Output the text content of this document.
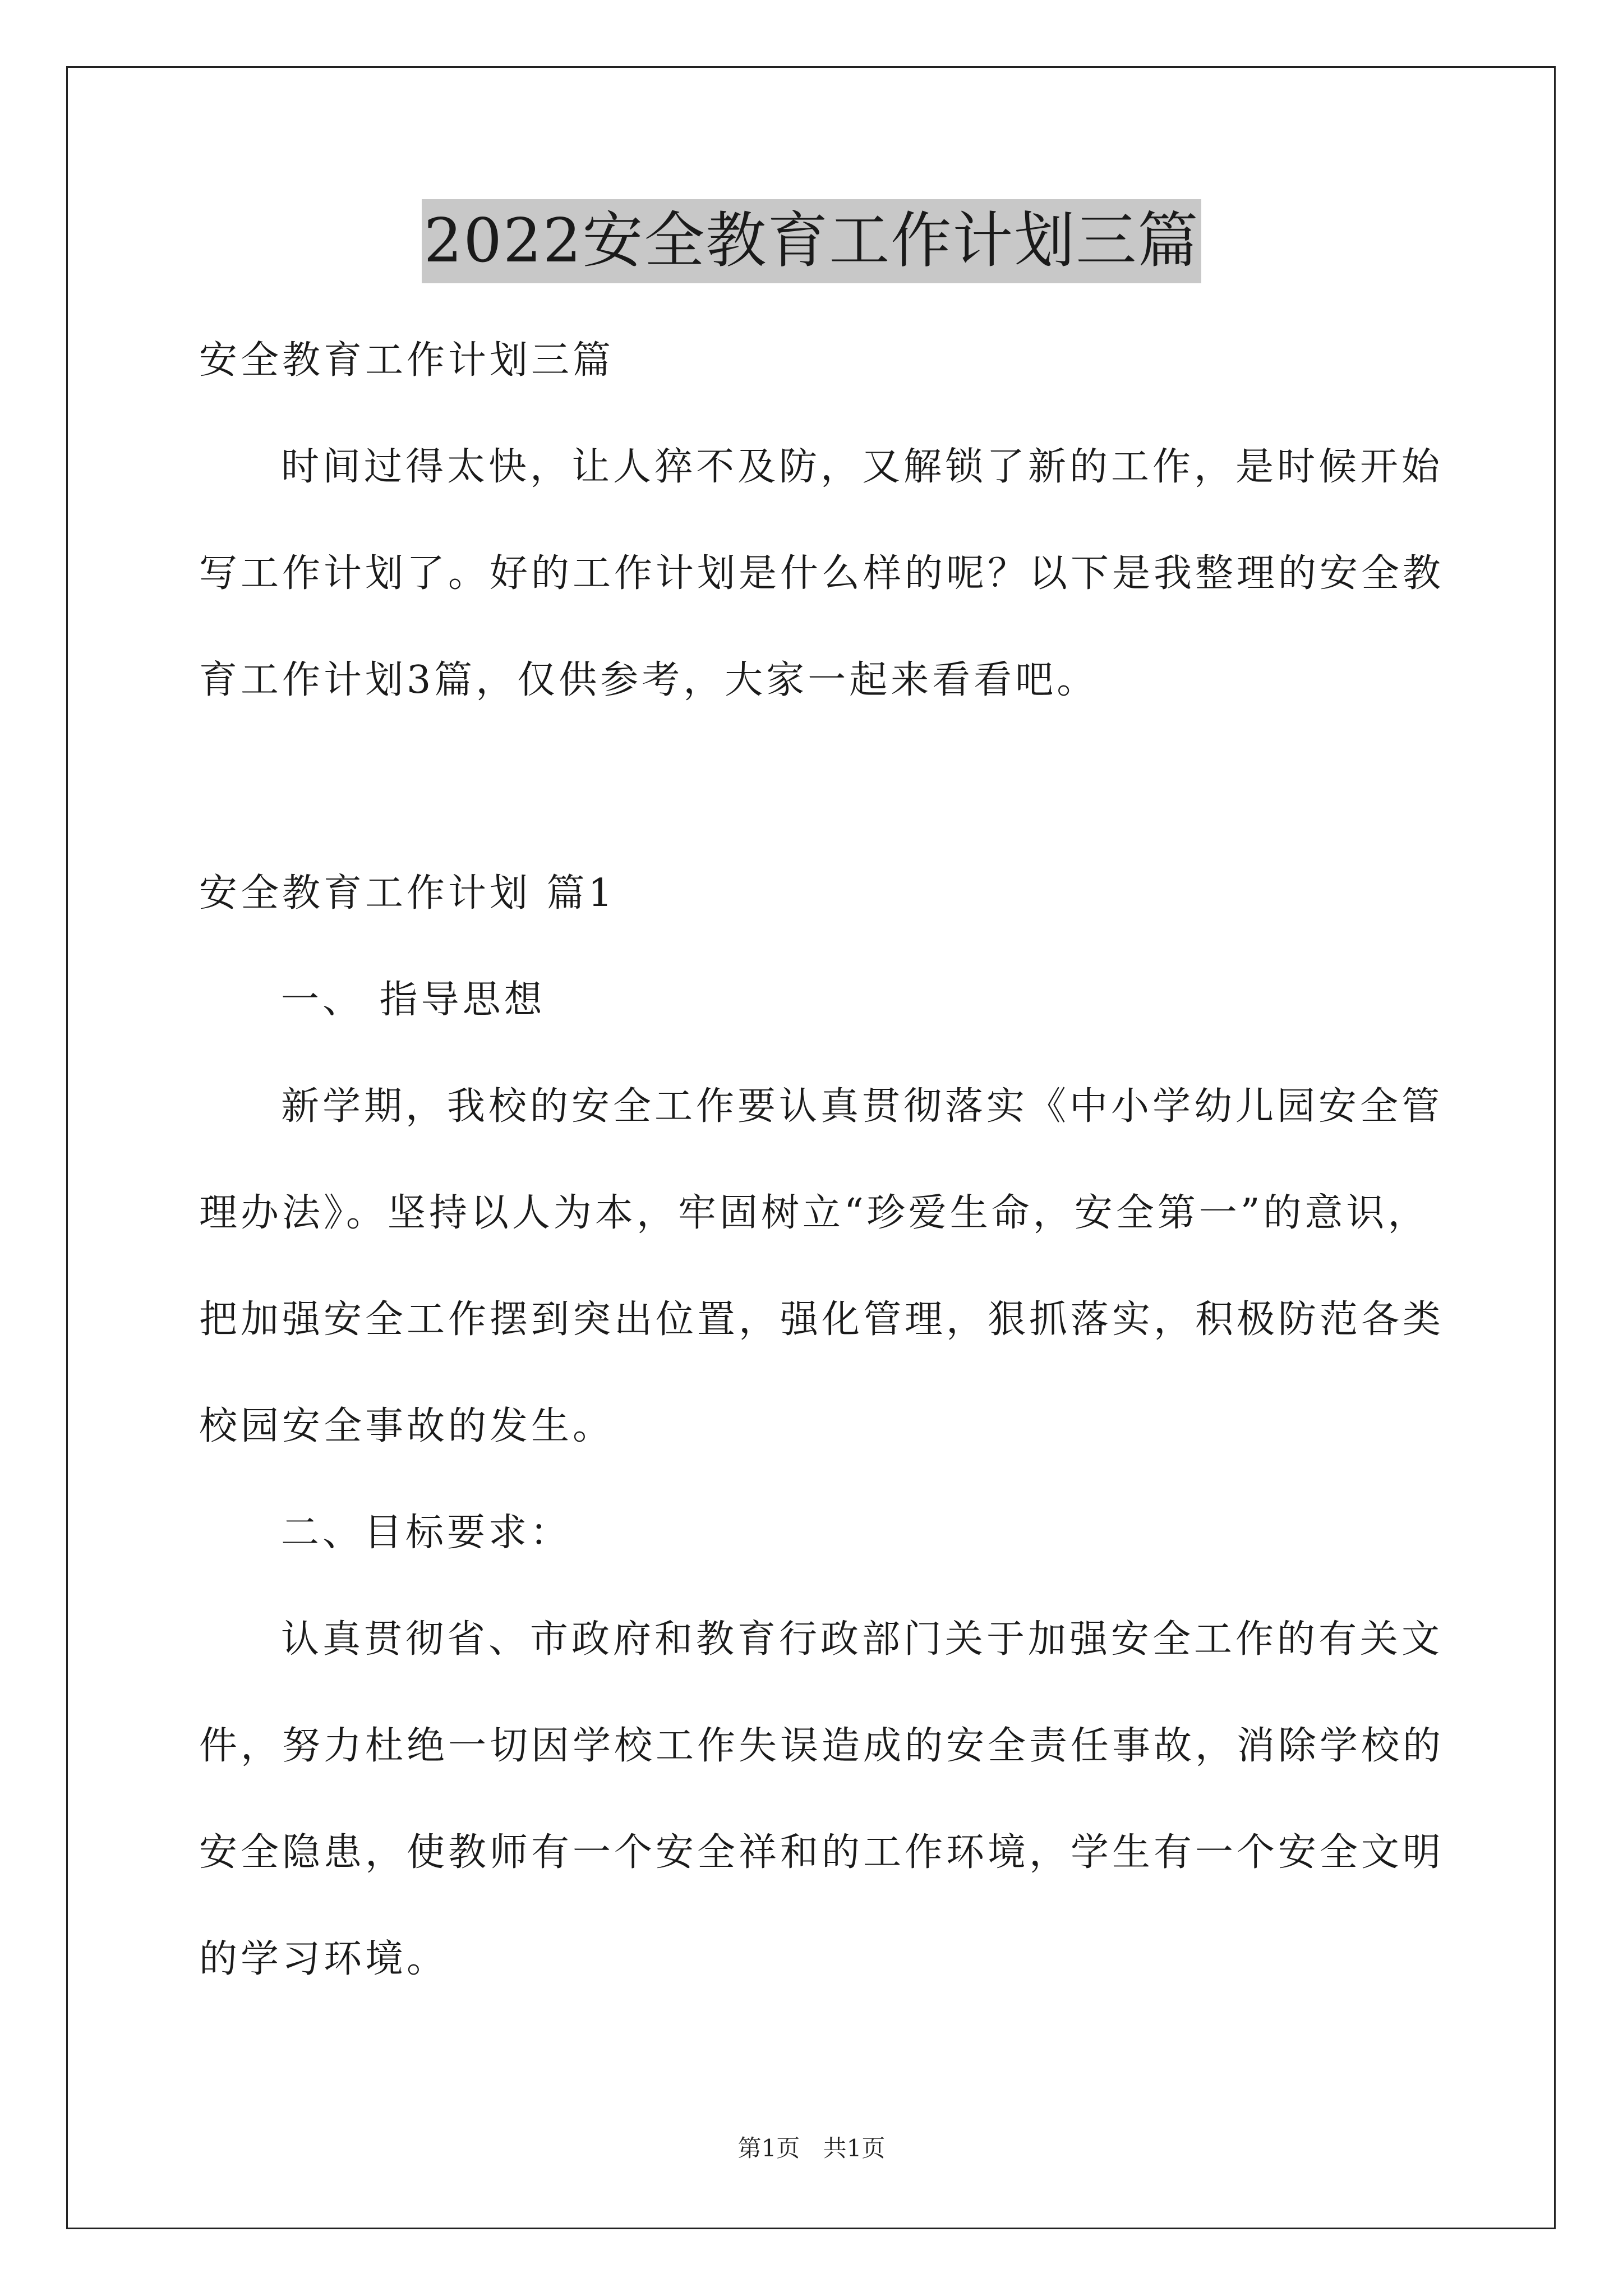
2022安全教育工作计划三篇
安全教育工作计划三篇
时间过得太快，让人猝不及防，又解锁了新的工作，是时候开始
写工作计划了。好的工作计划是什么样的呢？以下是我整理的安全教
育工作计划3篇，仅供参考，大家一起来看看吧。
安全教育工作计划 篇1
一、 指导思想
新学期，我校的安全工作要认真贯彻落实《中小学幼儿园安全管
理办法》。坚持以人为本，牢固树立“珍爱生命，安全第一”的意识，
把加强安全工作摆到突出位置，强化管理，狠抓落实，积极防范各类
校园安全事故的发生。
二、目标要求：
认真贯彻省、市政府和教育行政部门关于加强安全工作的有关文
件，努力杜绝一切因学校工作失误造成的安全责任事故，消除学校的
安全隐患，使教师有一个安全祥和的工作环境，学生有一个安全文明
的学习环境。
第1页 共1页
